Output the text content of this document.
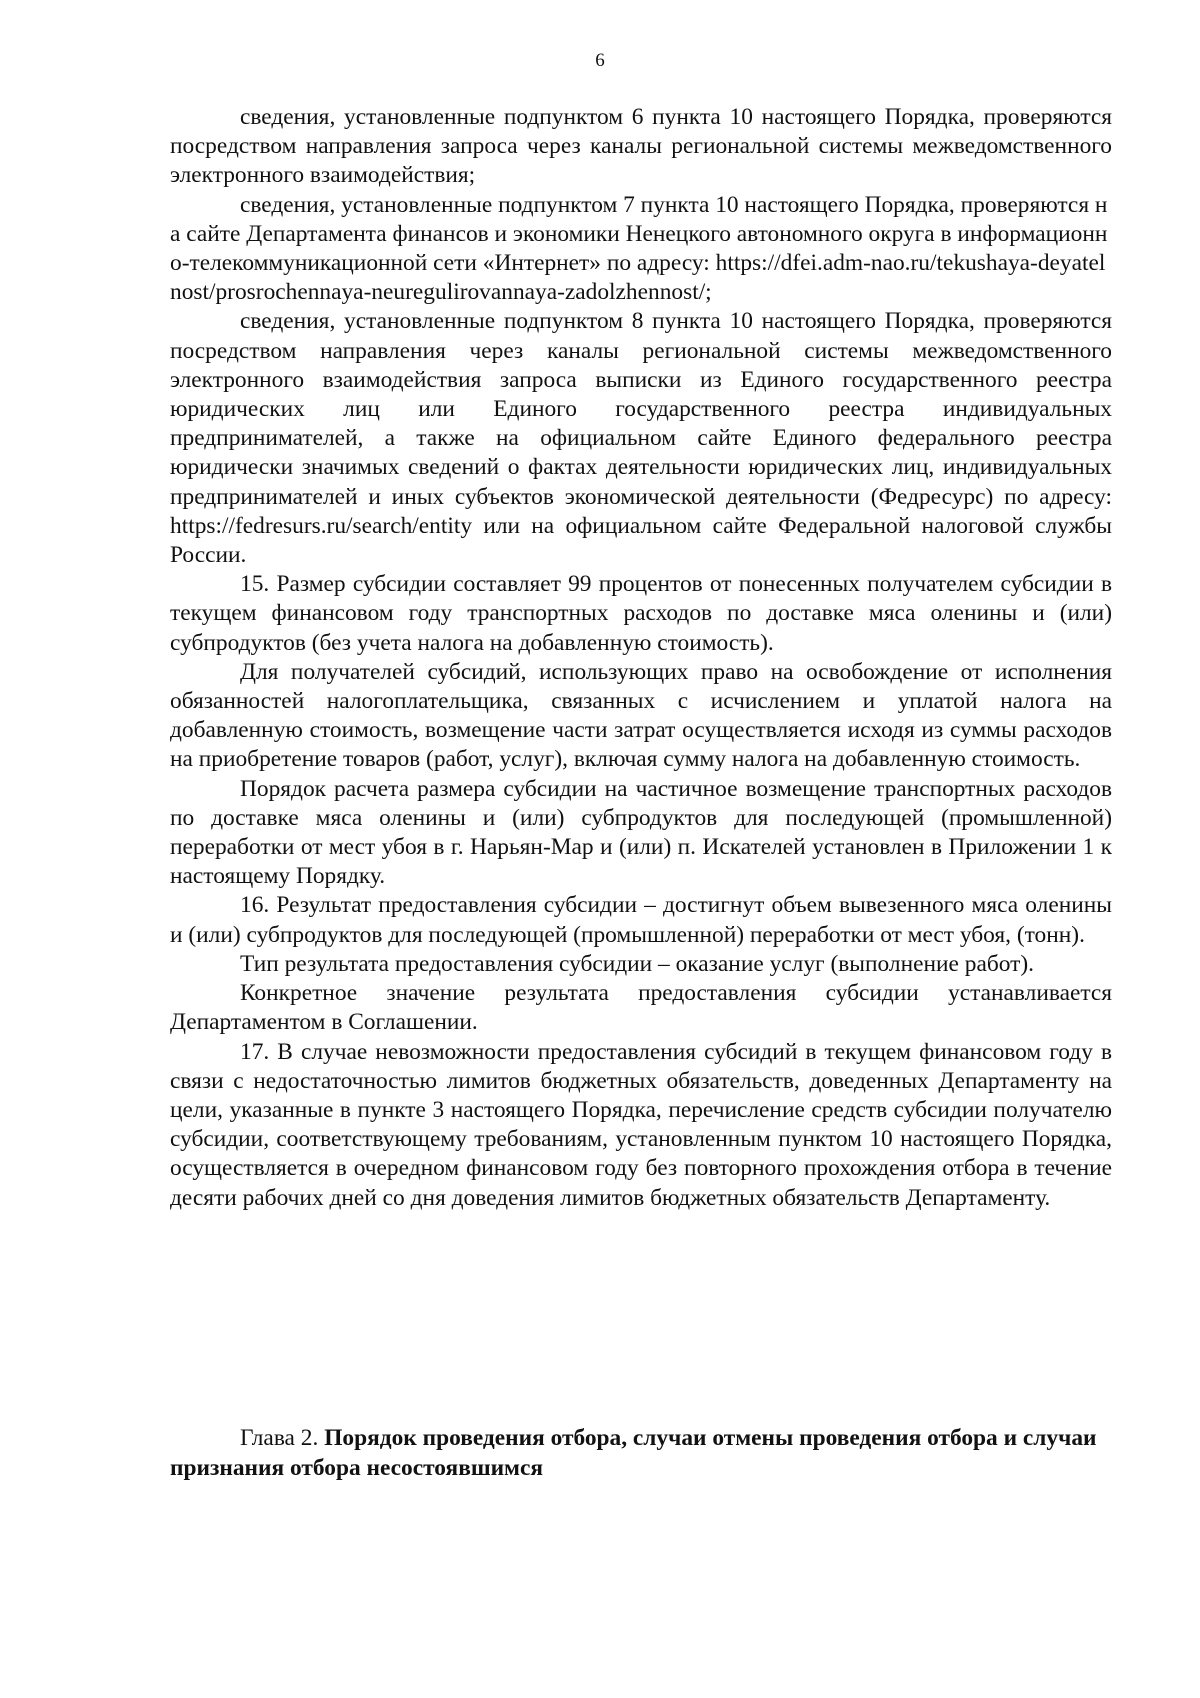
6

сведения, установленные подпунктом 6 пункта 10 настоящего Порядка, проверяются посредством направления запроса через каналы региональной системы межведомственного электронного взаимодействия;

сведения, установленные подпунктом 7 пункта 10 настоящего Порядка, проверяются на сайте Департамента финансов и экономики Ненецкого автономного округа в информационно-телекоммуникационной сети «Интернет» по адресу: https://dfei.adm-nao.ru/tekushaya-deyatelnost/prosrochennaya-neuregulirovannaya-zadolzhennost/;

сведения, установленные подпунктом 8 пункта 10 настоящего Порядка, проверяются посредством направления через каналы региональной системы межведомственного электронного взаимодействия запроса выписки из Единого государственного реестра юридических лиц или Единого государственного реестра индивидуальных предпринимателей, а также на официальном сайте Единого федерального реестра юридически значимых сведений о фактах деятельности юридических лиц, индивидуальных предпринимателей и иных субъектов экономической деятельности (Федресурс) по адресу: https://fedresurs.ru/search/entity или на официальном сайте Федеральной налоговой службы России.

15. Размер субсидии составляет 99 процентов от понесенных получателем субсидии в текущем финансовом году транспортных расходов по доставке мяса оленины и (или) субпродуктов (без учета налога на добавленную стоимость).

Для получателей субсидий, использующих право на освобождение от исполнения обязанностей налогоплательщика, связанных с исчислением и уплатой налога на добавленную стоимость, возмещение части затрат осуществляется исходя из суммы расходов на приобретение товаров (работ, услуг), включая сумму налога на добавленную стоимость.

Порядок расчета размера субсидии на частичное возмещение транспортных расходов по доставке мяса оленины и (или) субпродуктов для последующей (промышленной) переработки от мест убоя в г. Нарьян-Мар и (или) п. Искателей установлен в Приложении 1 к настоящему Порядку.

16. Результат предоставления субсидии – достигнут объем вывезенного мяса оленины и (или) субпродуктов для последующей (промышленной) переработки от мест убоя, (тонн).

Тип результата предоставления субсидии – оказание услуг (выполнение работ).

Конкретное значение результата предоставления субсидии устанавливается Департаментом в Соглашении.

17. В случае невозможности предоставления субсидий в текущем финансовом году в связи с недостаточностью лимитов бюджетных обязательств, доведенных Департаменту на цели, указанные в пункте 3 настоящего Порядка, перечисление средств субсидии получателю субсидии, соответствующему требованиям, установленным пунктом 10 настоящего Порядка, осуществляется в очередном финансовом году без повторного прохождения отбора в течение десяти рабочих дней со дня доведения лимитов бюджетных обязательств Департаменту.

Глава 2. Порядок проведения отбора, случаи отмены проведения отбора и случаи признания отбора несостоявшимся
